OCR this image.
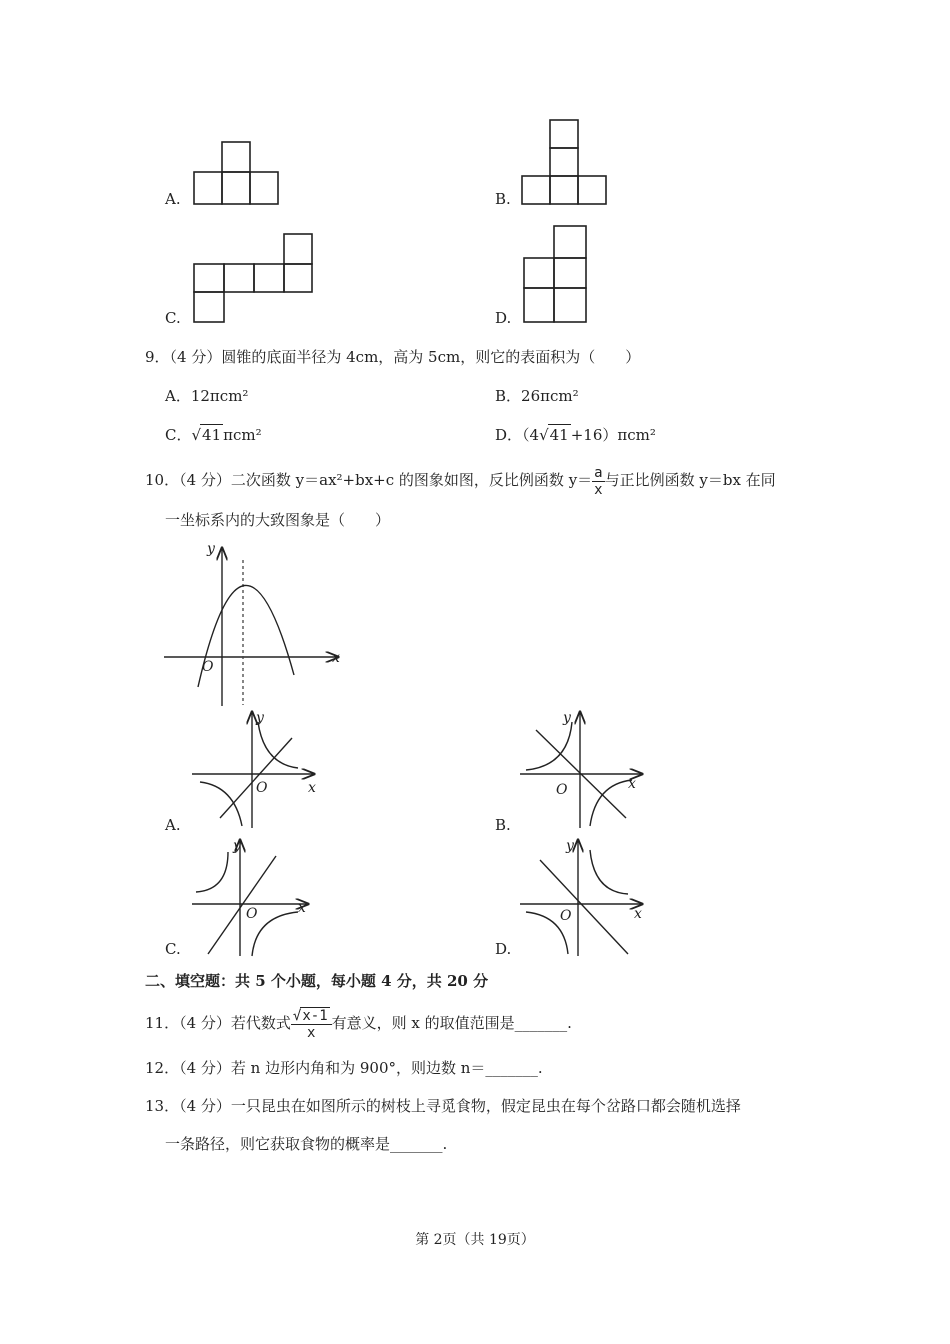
A.	B.
C.	D.
9．（4 分）圆锥的底面半径为 4cm，高为 5cm，则它的表面积为（　　）
A．12πcm²	B．26πcm²
C．√41 πcm²	D．（4√41 +16）πcm²
10．（4 分）二次函数 y＝ax²+bx+c 的图象如图，反比例函数 $y= \frac{a}{x}$ 与正比例函数 y＝bx 在同
一坐标系内的大致图象是（　　）
x
y
O
A.
x
y
O
B.
x
y
O
C.
x
y
O
D.
x
y
O
二、填空题：共 5 个小题，每小题 4 分，共 20 分
11．（4 分）若代数式 $\frac{√x-1}{x}$ 有意义，则 x 的取值范围是_______.
12．（4 分）若 n 边形内角和为 900°，则边数 n＝_______.
13．（4 分）一只昆虫在如图所示的树枝上寻觅食物，假定昆虫在每个岔路口都会随机选择
一条路径，则它获取食物的概率是_______.
第 2页（共 19页）
